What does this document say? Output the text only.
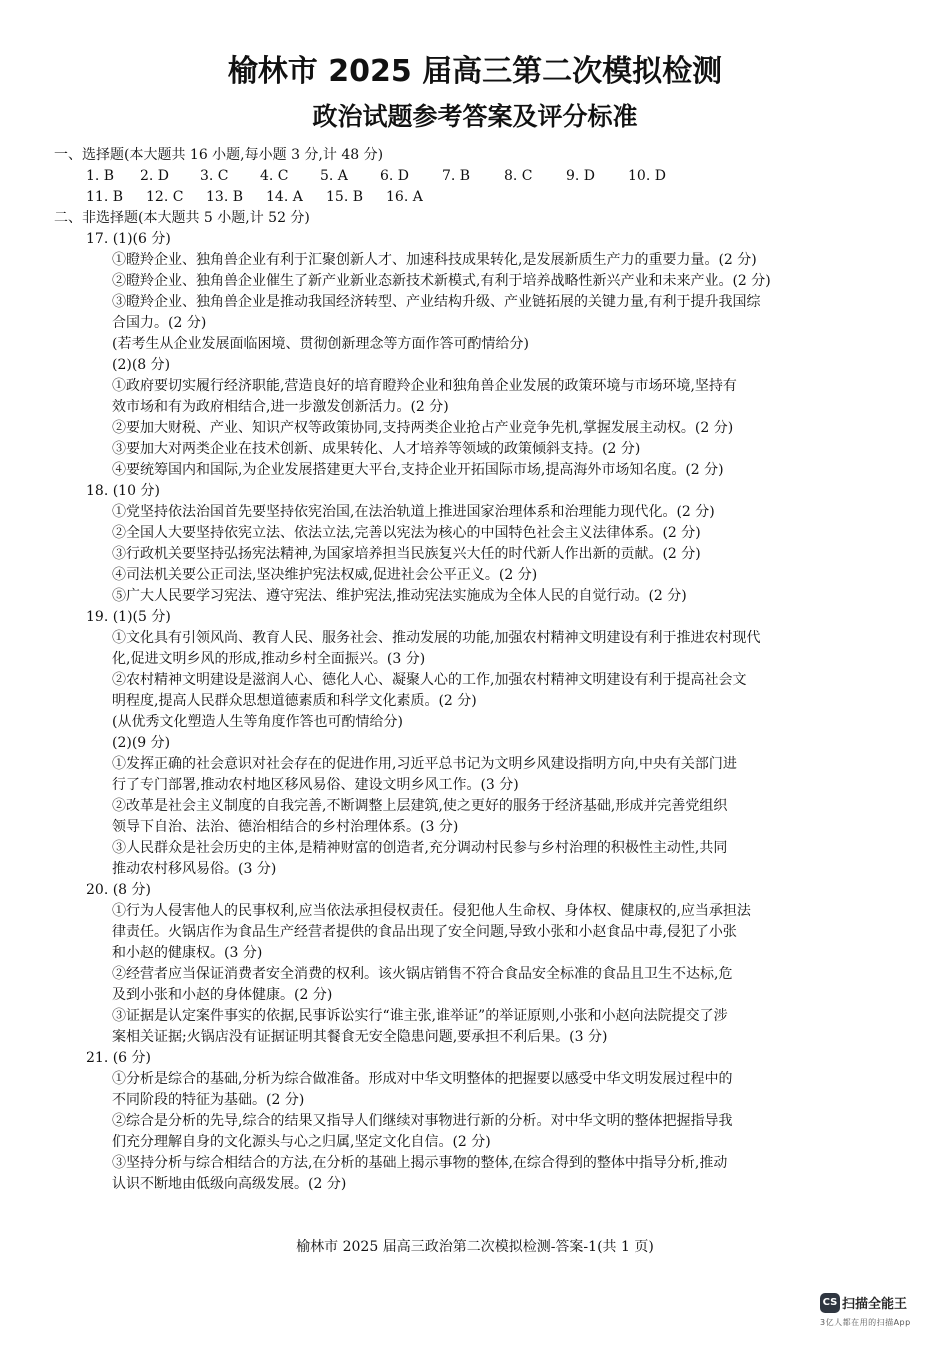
榆林市 2025 届高三第二次模拟检测
政治试题参考答案及评分标准
一、选择题(本大题共 16 小题,每小题 3 分,计 48 分)
1. B 2. D 3. C 4. C 5. A 6. D 7. B 8. C 9. D 10. D
11. B 12. C 13. B 14. A 15. B 16. A
二、非选择题(本大题共 5 小题,计 52 分)
17. (1)(6 分)
①瞪羚企业、独角兽企业有利于汇聚创新人才、加速科技成果转化,是发展新质生产力的重要力量。(2 分)
②瞪羚企业、独角兽企业催生了新产业新业态新技术新模式,有利于培养战略性新兴产业和未来产业。(2 分)
③瞪羚企业、独角兽企业是推动我国经济转型、产业结构升级、产业链拓展的关键力量,有利于提升我国综
合国力。(2 分)
(若考生从企业发展面临困境、贯彻创新理念等方面作答可酌情给分)
(2)(8 分)
①政府要切实履行经济职能,营造良好的培育瞪羚企业和独角兽企业发展的政策环境与市场环境,坚持有
效市场和有为政府相结合,进一步激发创新活力。(2 分)
②要加大财税、产业、知识产权等政策协同,支持两类企业抢占产业竞争先机,掌握发展主动权。(2 分)
③要加大对两类企业在技术创新、成果转化、人才培养等领域的政策倾斜支持。(2 分)
④要统筹国内和国际,为企业发展搭建更大平台,支持企业开拓国际市场,提高海外市场知名度。(2 分)
18. (10 分)
①党坚持依法治国首先要坚持依宪治国,在法治轨道上推进国家治理体系和治理能力现代化。(2 分)
②全国人大要坚持依宪立法、依法立法,完善以宪法为核心的中国特色社会主义法律体系。(2 分)
③行政机关要坚持弘扬宪法精神,为国家培养担当民族复兴大任的时代新人作出新的贡献。(2 分)
④司法机关要公正司法,坚决维护宪法权威,促进社会公平正义。(2 分)
⑤广大人民要学习宪法、遵守宪法、维护宪法,推动宪法实施成为全体人民的自觉行动。(2 分)
19. (1)(5 分)
①文化具有引领风尚、教育人民、服务社会、推动发展的功能,加强农村精神文明建设有利于推进农村现代
化,促进文明乡风的形成,推动乡村全面振兴。(3 分)
②农村精神文明建设是滋润人心、德化人心、凝聚人心的工作,加强农村精神文明建设有利于提高社会文
明程度,提高人民群众思想道德素质和科学文化素质。(2 分)
(从优秀文化塑造人生等角度作答也可酌情给分)
(2)(9 分)
①发挥正确的社会意识对社会存在的促进作用,习近平总书记为文明乡风建设指明方向,中央有关部门进
行了专门部署,推动农村地区移风易俗、建设文明乡风工作。(3 分)
②改革是社会主义制度的自我完善,不断调整上层建筑,使之更好的服务于经济基础,形成并完善党组织
领导下自治、法治、德治相结合的乡村治理体系。(3 分)
③人民群众是社会历史的主体,是精神财富的创造者,充分调动村民参与乡村治理的积极性主动性,共同
推动农村移风易俗。(3 分)
20. (8 分)
①行为人侵害他人的民事权利,应当依法承担侵权责任。侵犯他人生命权、身体权、健康权的,应当承担法
律责任。火锅店作为食品生产经营者提供的食品出现了安全问题,导致小张和小赵食品中毒,侵犯了小张
和小赵的健康权。(3 分)
②经营者应当保证消费者安全消费的权利。该火锅店销售不符合食品安全标准的食品且卫生不达标,危
及到小张和小赵的身体健康。(2 分)
③证据是认定案件事实的依据,民事诉讼实行“谁主张,谁举证”的举证原则,小张和小赵向法院提交了涉
案相关证据;火锅店没有证据证明其餐食无安全隐患问题,要承担不利后果。(3 分)
21. (6 分)
①分析是综合的基础,分析为综合做准备。形成对中华文明整体的把握要以感受中华文明发展过程中的
不同阶段的特征为基础。(2 分)
②综合是分析的先导,综合的结果又指导人们继续对事物进行新的分析。对中华文明的整体把握指导我
们充分理解自身的文化源头与心之归属,坚定文化自信。(2 分)
③坚持分析与综合相结合的方法,在分析的基础上揭示事物的整体,在综合得到的整体中指导分析,推动
认识不断地由低级向高级发展。(2 分)
榆林市 2025 届高三政治第二次模拟检测-答案-1(共 1 页)
CS 扫描全能王
3亿人都在用的扫描App
